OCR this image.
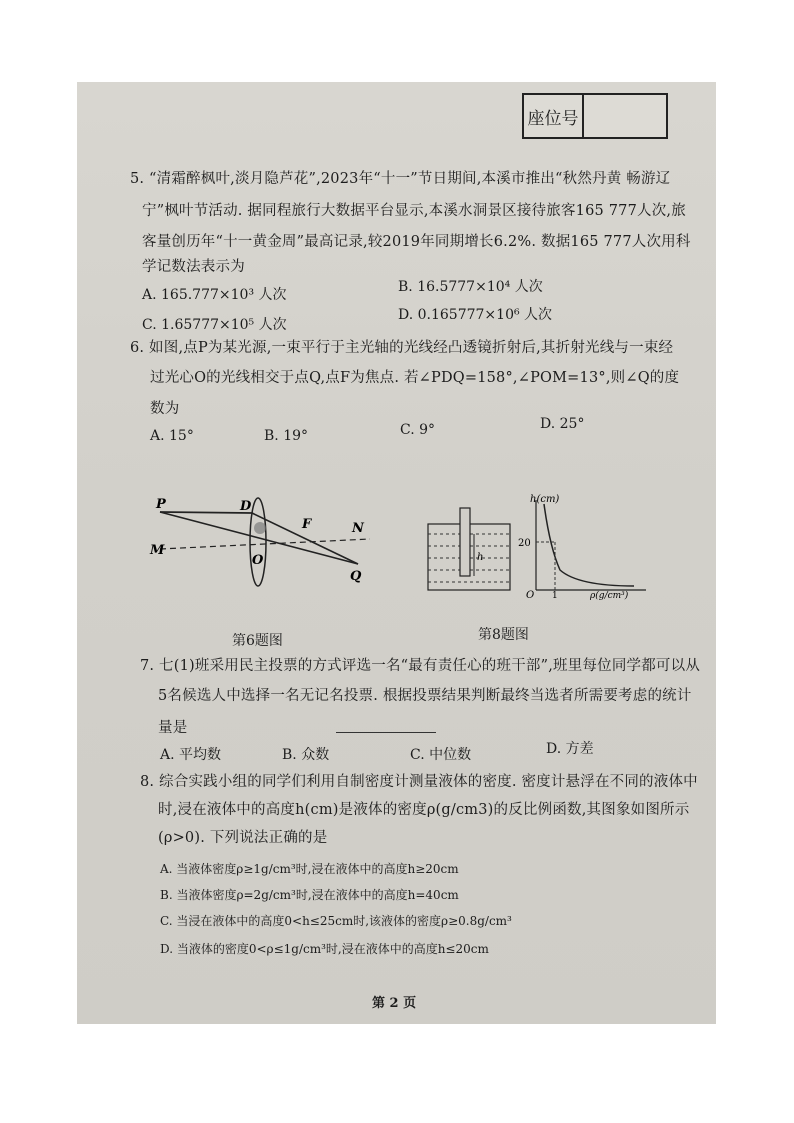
座位号
5. “清霜醉枫叶,淡月隐芦花”,2023年“十一”节日期间,本溪市推出“秋然丹黄 畅游辽
宁”枫叶节活动. 据同程旅行大数据平台显示,本溪水洞景区接待旅客165 777人次,旅
客量创历年“十一黄金周”最高记录,较2019年同期增长6.2%. 数据165 777人次用科
学记数法表示为
A. 165.777×10³ 人次	B. 16.5777×10⁴ 人次
C. 1.65777×10⁵ 人次
D. 0.165777×10⁶ 人次
6. 如图,点P为某光源,一束平行于主光轴的光线经凸透镜折射后,其折射光线与一束经
过光心O的光线相交于点Q,点F为焦点. 若∠PDQ=158°,∠POM=13°,则∠Q的度
数为
A. 15°	B. 19°	C. 9°	D. 25°
P	D
F	N
M
O
Q
第6题图
h
h(cm)
20
O 1	ρ(g/cm³)
第8题图
7. 七(1)班采用民主投票的方式评选一名“最有责任心的班干部”,班里每位同学都可以从
5名候选人中选择一名无记名投票. 根据投票结果判断最终当选者所需要考虑的统计
量是
A. 平均数	B. 众数	C. 中位数	D. 方差
8. 综合实践小组的同学们利用自制密度计测量液体的密度. 密度计悬浮在不同的液体中
时,浸在液体中的高度h(cm)是液体的密度ρ(g/cm3)的反比例函数,其图象如图所示
(ρ>0). 下列说法正确的是
A. 当液体密度ρ≥1g/cm³时,浸在液体中的高度h≥20cm
B. 当液体密度ρ=2g/cm³时,浸在液体中的高度h=40cm
C. 当浸在液体中的高度0<h≤25cm时,该液体的密度ρ≥0.8g/cm³
D. 当液体的密度0<ρ≤1g/cm³时,浸在液体中的高度h≤20cm
第 2 页
